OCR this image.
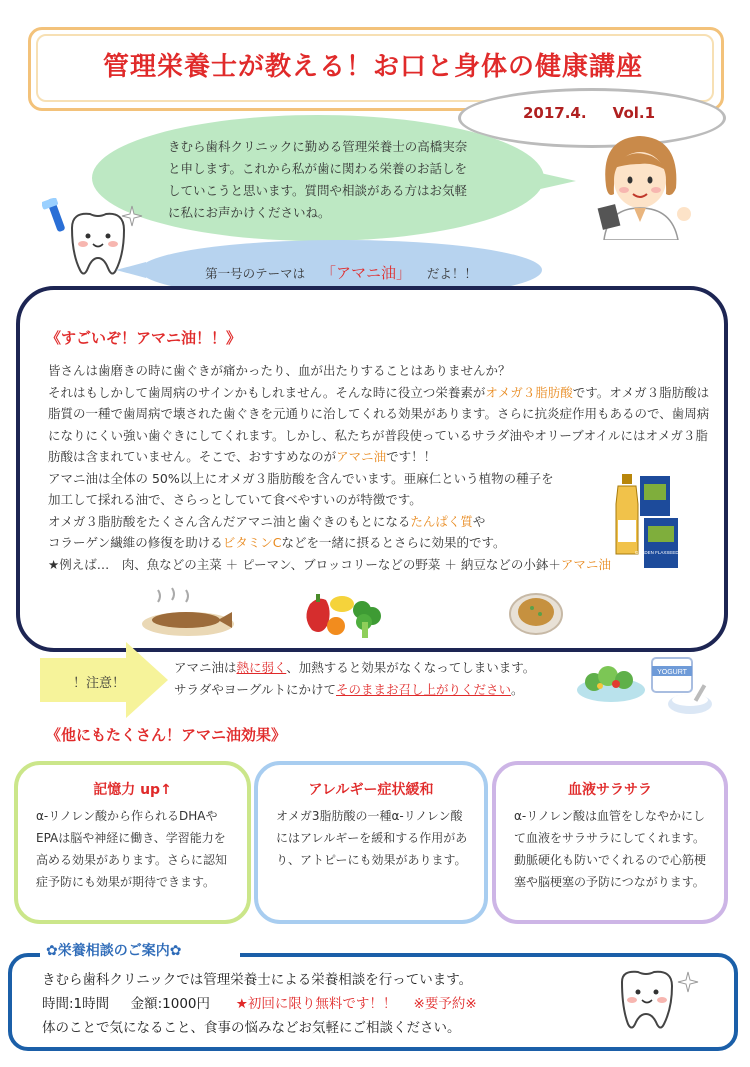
管理栄養士が教える！お口と身体の健康講座
2017.4. Vol.1
きむら歯科クリニックに勤める管理栄養士の高橋実奈
と申します。これから私が歯に関わる栄養のお話しを
していこうと思います。質問や相談がある方はお気軽
に私にお声かけくださいね。
第一号のテーマは 「アマニ油」 だよ！！
《すごいぞ！アマニ油！！》
皆さんは歯磨きの時に歯ぐきが痛かったり、血が出たりすることはありませんか？
それはもしかして歯周病のサインかもしれません。そんな時に役立つ栄養素がオメガ３脂肪酸です。オメガ３脂肪酸は脂質の一種で歯周病で壊された歯ぐきを元通りに治してくれる効果があります。さらに抗炎症作用もあるので、歯周病になりにくい強い歯ぐきにしてくれます。しかし、私たちが普段使っているサラダ油やオリーブオイルにはオメガ３脂肪酸は含まれていません。そこで、おすすめなのがアマニ油です！！
アマニ油は全体の 50%以上にオメガ３脂肪酸を含んでいます。亜麻仁という植物の種子を
加工して採れる油で、さらっとしていて食べやすいのが特徴です。
オメガ３脂肪酸をたくさん含んだアマニ油と歯ぐきのもとになるたんぱく質や
コラーゲン繊維の修復を助けるビタミンCなどを一緒に摂るとさらに効果的です。
★例えば…　肉、魚などの主菜 ＋ ピーマン、ブロッコリーなどの野菜 ＋ 納豆などの小鉢＋アマニ油
GOLDEN FLAXSEED OIL
！注意！
アマニ油は熱に弱く、加熱すると効果がなくなってしまいます。
サラダやヨーグルトにかけてそのままお召し上がりください。
YOGURT
《他にもたくさん！アマニ油効果》
記憶力 up↑
α-リノレン酸から作られるDHAやEPAは脳や神経に働き、学習能力を高める効果があります。さらに認知症予防にも効果が期待できます。
アレルギー症状緩和
オメガ3脂肪酸の一種α-リノレン酸にはアレルギーを緩和する作用があり、アトピーにも効果があります。
血液サラサラ
α-リノレン酸は血管をしなやかにして血液をサラサラにしてくれます。動脈硬化も防いでくれるので心筋梗塞や脳梗塞の予防につながります。
✿栄養相談のご案内✿
きむら歯科クリニックでは管理栄養士による栄養相談を行っています。
時間:1時間 金額:1000円 ★初回に限り無料です！！ ※要予約※
体のことで気になること、食事の悩みなどお気軽にご相談ください。
